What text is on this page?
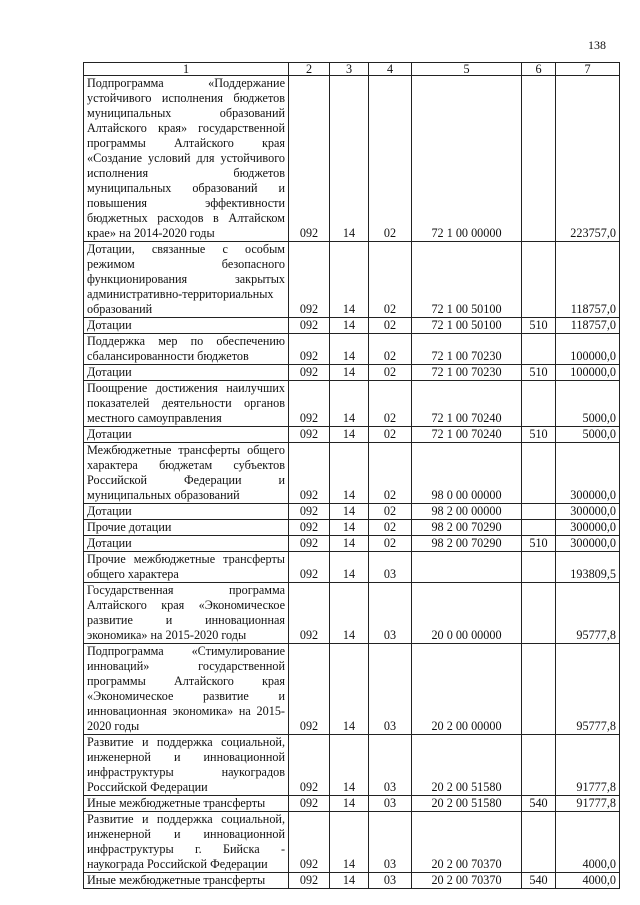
138
1	2	3	4	5	6	7
Подпрограмма «Поддержание устойчивого исполнения бюджетов муниципальных образований Алтайского края» государственной программы Алтайского края «Создание условий для устойчивого исполнения бюджетов муниципальных образований и повышения эффективности бюджетных расходов в Алтайском крае» на 2014-2020 годы	092	14	02	72 1 00 00000		223757,0
Дотации, связанные с особым режимом безопасного функционирования закрытых административно-территориальных образований	092	14	02	72 1 00 50100		118757,0
Дотации	092	14	02	72 1 00 50100	510	118757,0
Поддержка мер по обеспечению сбалансированности бюджетов	092	14	02	72 1 00 70230		100000,0
Дотации	092	14	02	72 1 00 70230	510	100000,0
Поощрение достижения наилучших показателей деятельности органов местного самоуправления	092	14	02	72 1 00 70240		5000,0
Дотации	092	14	02	72 1 00 70240	510	5000,0
Межбюджетные трансферты общего характера бюджетам субъектов Российской Федерации и муниципальных образований	092	14	02	98 0 00 00000		300000,0
Дотации	092	14	02	98 2 00 00000		300000,0
Прочие дотации	092	14	02	98 2 00 70290		300000,0
Дотации	092	14	02	98 2 00 70290	510	300000,0
Прочие межбюджетные трансферты общего характера	092	14	03			193809,5
Государственная программа Алтайского края «Экономическое развитие и инновационная экономика» на 2015-2020 годы	092	14	03	20 0 00 00000		95777,8
Подпрограмма «Стимулирование инноваций» государственной программы Алтайского края «Экономическое развитие и инновационная экономика» на 2015-2020 годы	092	14	03	20 2 00 00000		95777,8
Развитие и поддержка социальной, инженерной и инновационной инфраструктуры наукоградов Российской Федерации	092	14	03	20 2 00 51580		91777,8
Иные межбюджетные трансферты	092	14	03	20 2 00 51580	540	91777,8
Развитие и поддержка социальной, инженерной и инновационной инфраструктуры г. Бийска - наукограда Российской Федерации	092	14	03	20 2 00 70370		4000,0
Иные межбюджетные трансферты	092	14	03	20 2 00 70370	540	4000,0
